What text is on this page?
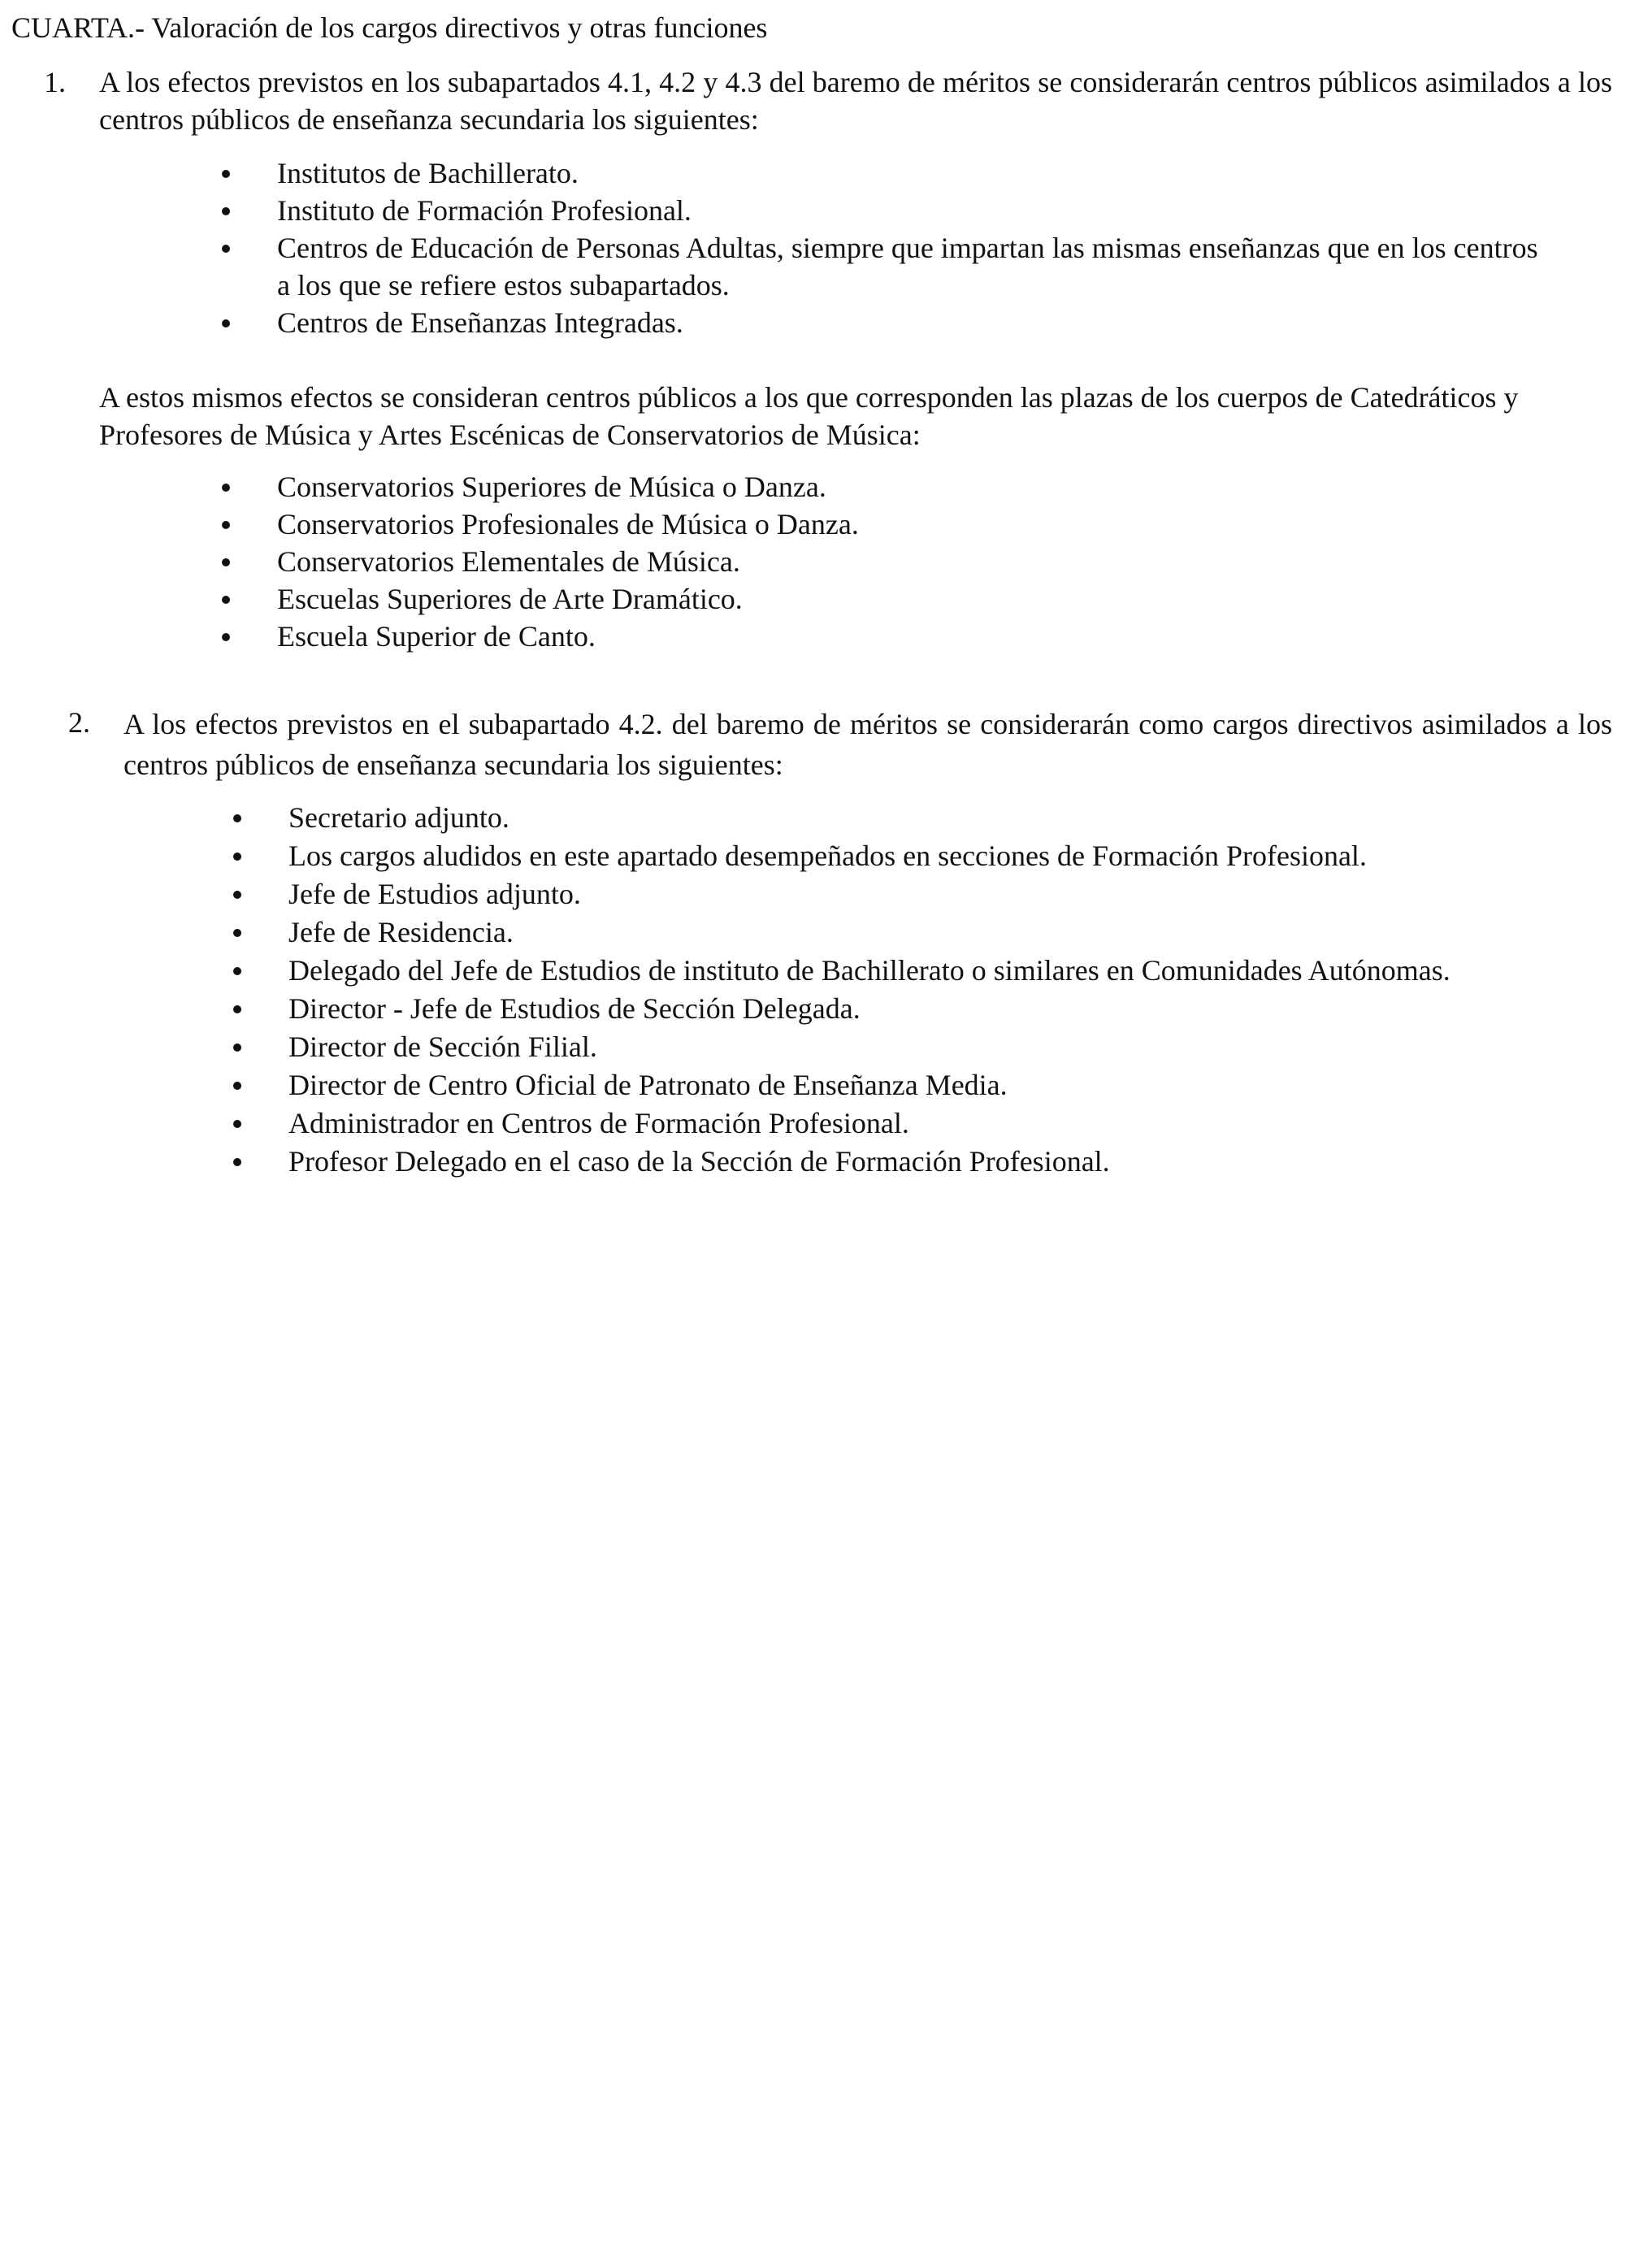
CUARTA.- Valoración de los cargos directivos y otras funciones
1. A los efectos previstos en los subapartados 4.1, 4.2 y 4.3 del baremo de méritos se considerarán centros públicos asimilados a los centros públicos de enseñanza secundaria los siguientes:
Institutos de Bachillerato.
Instituto de Formación Profesional.
Centros de Educación de Personas Adultas, siempre que impartan las mismas enseñanzas que en los centros a los que se refiere estos subapartados.
Centros de Enseñanzas Integradas.
A estos mismos efectos se consideran centros públicos a los que corresponden las plazas de los cuerpos de Catedráticos y Profesores de Música y Artes Escénicas de Conservatorios de Música:
Conservatorios Superiores de Música o Danza.
Conservatorios Profesionales de Música o Danza.
Conservatorios Elementales de Música.
Escuelas Superiores de Arte Dramático.
Escuela Superior de Canto.
2. A los efectos previstos en el subapartado 4.2. del baremo de méritos se considerarán como cargos directivos asimilados a los centros públicos de enseñanza secundaria los siguientes:
Secretario adjunto.
Los cargos aludidos en este apartado desempeñados en secciones de Formación Profesional.
Jefe de Estudios adjunto.
Jefe de Residencia.
Delegado del Jefe de Estudios de instituto de Bachillerato o similares en Comunidades Autónomas.
Director - Jefe de Estudios de Sección Delegada.
Director de Sección Filial.
Director de Centro Oficial de Patronato de Enseñanza Media.
Administrador en Centros de Formación Profesional.
Profesor Delegado en el caso de la Sección de Formación Profesional.
